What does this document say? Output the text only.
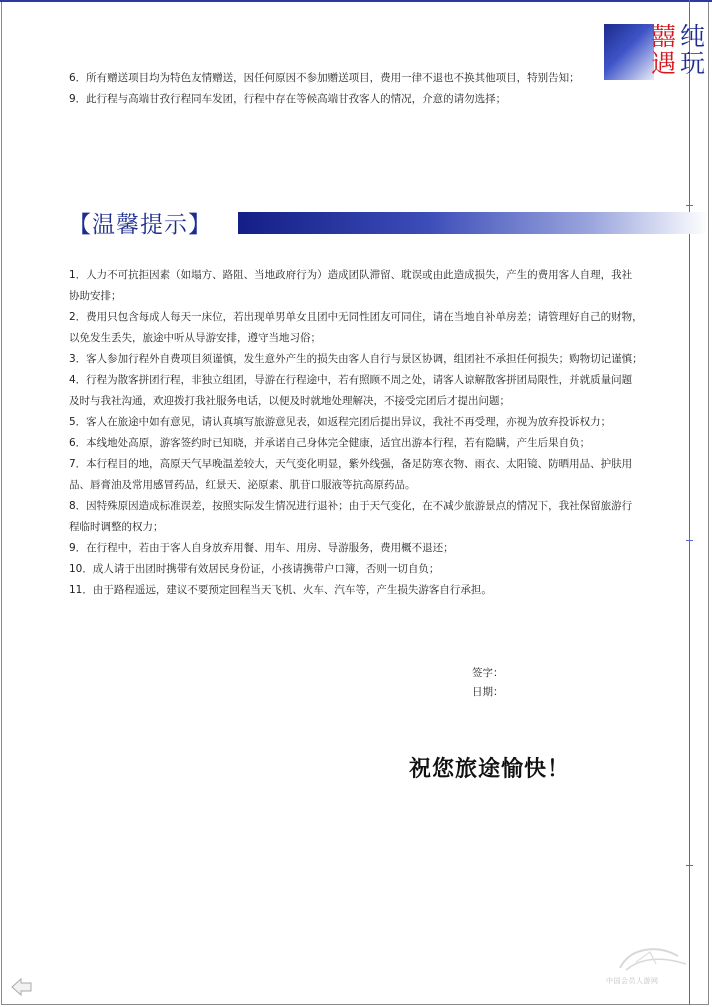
囍 纯
遇 玩

6．所有赠送项目均为特色友情赠送，因任何原因不参加赠送项目，费用一律不退也不换其他项目，特别告知；

9．此行程与高端甘孜行程同车发团，行程中存在等候高端甘孜客人的情况，介意的请勿选择；

【温馨提示】

1．人力不可抗拒因素（如塌方、路阻、当地政府行为）造成团队滞留、耽误或由此造成损失，产生的费用客人自理，我社

协助安排；

2．费用只包含每成人每天一床位，若出现单男单女且团中无同性团友可同住，请在当地自补单房差；请管理好自己的财物，

以免发生丢失，旅途中听从导游安排，遵守当地习俗；

3．客人参加行程外自费项目须谨慎，发生意外产生的损失由客人自行与景区协调，组团社不承担任何损失；购物切记谨慎；

4．行程为散客拼团行程，非独立组团，导游在行程途中，若有照顾不周之处，请客人谅解散客拼团局限性，并就质量问题

及时与我社沟通，欢迎拨打我社服务电话，以便及时就地处理解决，不接受完团后才提出问题；

5．客人在旅途中如有意见，请认真填写旅游意见表，如返程完团后提出异议，我社不再受理，亦视为放弃投诉权力；

6．本线地处高原，游客签约时已知晓，并承诺自己身体完全健康，适宜出游本行程，若有隐瞒，产生后果自负；

7．本行程目的地，高原天气早晚温差较大，天气变化明显，紫外线强，备足防寒衣物、雨衣、太阳镜、防晒用品、护肤用

品、唇膏油及常用感冒药品，红景天、泌原素、肌苷口服液等抗高原药品。

8．因特殊原因造成标准误差，按照实际发生情况进行退补；由于天气变化，在不减少旅游景点的情况下，我社保留旅游行

程临时调整的权力；

9．在行程中，若由于客人自身放弃用餐、用车、用房、导游服务，费用概不退还；

10．成人请于出团时携带有效居民身份证，小孩请携带户口簿，否则一切自负；

11．由于路程遥远，建议不要预定回程当天飞机、火车、汽车等，产生损失游客自行承担。

签字：
日期：
祝您旅途愉快！
中国会员人游网
